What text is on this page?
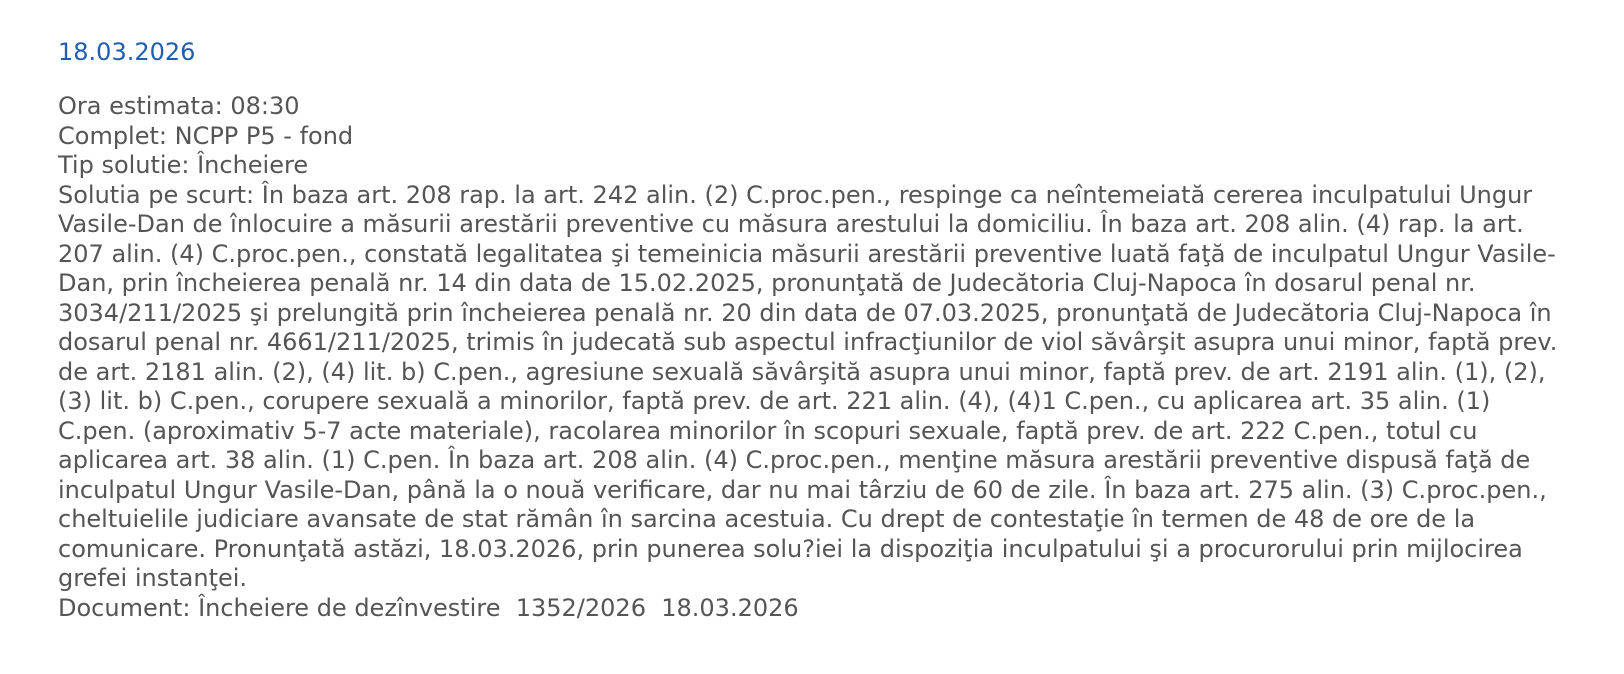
18.03.2026
Ora estimata: 08:30
Complet: NCPP P5 - fond
Tip solutie: Încheiere
Solutia pe scurt: În baza art. 208 rap. la art. 242 alin. (2) C.proc.pen., respinge ca neîntemeiată cererea inculpatului Ungur Vasile-Dan de înlocuire a măsurii arestării preventive cu măsura arestului la domiciliu. În baza art. 208 alin. (4) rap. la art. 207 alin. (4) C.proc.pen., constată legalitatea şi temeinicia măsurii arestării preventive luată faţă de inculpatul Ungur Vasile-Dan, prin încheierea penală nr. 14 din data de 15.02.2025, pronunţată de Judecătoria Cluj-Napoca în dosarul penal nr. 3034/211/2025 şi prelungită prin încheierea penală nr. 20 din data de 07.03.2025, pronunţată de Judecătoria Cluj-Napoca în dosarul penal nr. 4661/211/2025, trimis în judecată sub aspectul infracţiunilor de viol săvârşit asupra unui minor, faptă prev. de art. 2181 alin. (2), (4) lit. b) C.pen., agresiune sexuală săvârşită asupra unui minor, faptă prev. de art. 2191 alin. (1), (2), (3) lit. b) C.pen., corupere sexuală a minorilor, faptă prev. de art. 221 alin. (4), (4)1 C.pen., cu aplicarea art. 35 alin. (1) C.pen. (aproximativ 5-7 acte materiale), racolarea minorilor în scopuri sexuale, faptă prev. de art. 222 C.pen., totul cu aplicarea art. 38 alin. (1) C.pen. În baza art. 208 alin. (4) C.proc.pen., menţine măsura arestării preventive dispusă faţă de inculpatul Ungur Vasile-Dan, până la o nouă verificare, dar nu mai târziu de 60 de zile. În baza art. 275 alin. (3) C.proc.pen., cheltuielile judiciare avansate de stat rămân în sarcina acestuia. Cu drept de contestaţie în termen de 48 de ore de la comunicare. Pronunţată astăzi, 18.03.2026, prin punerea solu?iei la dispoziţia inculpatului şi a procurorului prin mijlocirea grefei instanţei.
Document: Încheiere de dezînvestire 1352/2026 18.03.2026
